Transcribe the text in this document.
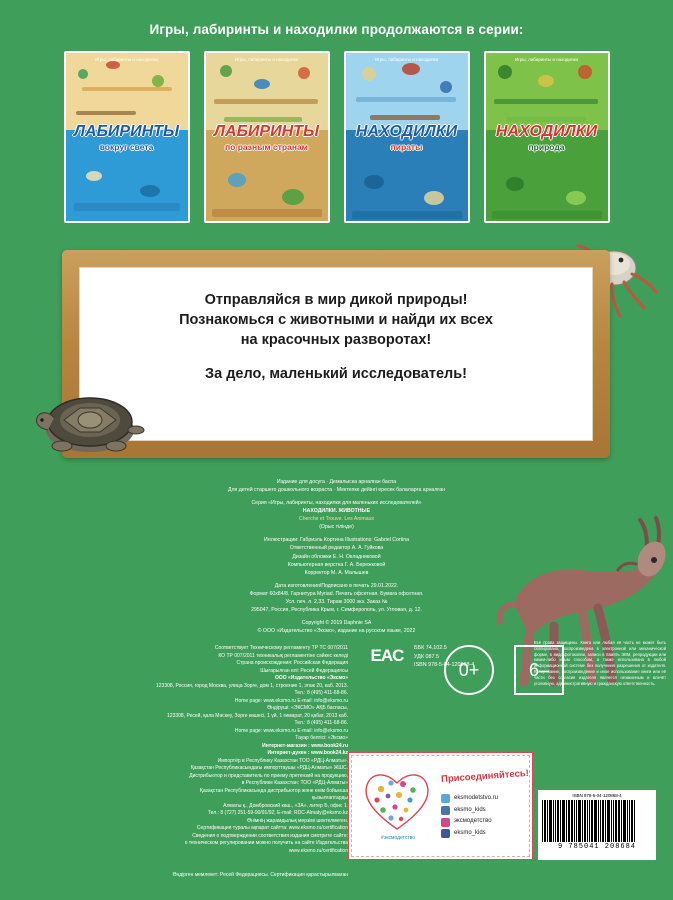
Игры, лабиринты и находилки продолжаются в серии:
Игры, лабиринты и находилки
ЛАБИРИНТЫ
вокруг света
Игры, лабиринты и находилки
ЛАБИРИНТЫ
по разным странам
Игры, лабиринты и находилки
НАХОДИЛКИ
пираты
Игры, лабиринты и находилки
НАХОДИЛКИ
природа

Отправляйся в мир дикой природы!

Познакомься с животными и найди их всех

на красочных разворотах!

За дело, маленький исследователь!

Издание для досуга · Демалыска арналған баспа
Для детей старшего дошкольного возраста · Мектепке дейінгі ересек балаларға арналған
Серия «Игры, лабиринты, находилки для маленьких исследователей»
НАХОДИЛКИ. ЖИВОТНЫЕ
Cherche et Trouve. Les Animaux
(Орыс тілінде)
Иллюстрации: Габриэль Кортина Illustrations: Gabriel Cortina
Ответственный редактор А. А. Гуйкова
Дизайн обложки Е. Н. Окладниковой
Компьютерная верстка Г. А. Бережковой
Корректор М. А. Малышев
Дата изготовления/Подписано в печать 29.01.2022.
Формат 60х84/8. Гарнитура Myriad. Печать офсетная. Бумага офсетная.
Усл. печ. л. 2,33. Тираж 3000 экз. Заказ №
295047, Россия, Республика Крым, г. Симферополь, ул. Угловая, д. 12.
Copyright © 2019 Daphnie SA
© ООО «Издательство «Эксмо», издание на русском языке, 2022
Соответствует Техническому регламенту ТР ТС 007/2011
КО ТР 007/2011 техникалық регламентіне сәйкес келеді
Страна происхождения: Российская Федерация
Шығарылған елі: Ресей Федерациясы
ООО «Издательство «Эксмо»
123308, Россия, город Москва, улица Зорге, дом 1, строение 1, этаж 20, каб. 2013.
Тел.: 8 (495) 411-68-86.
Home page: www.eksmo.ru E-mail: info@eksmo.ru
Өндіруші: «ЭКСМО» АҚБ баспасы,
123308, Ресей, қала Мәскеу, Зорге көшесі, 1 үй, 1 ғимарат, 20 қабат, 2013 каб.
Тел.: 8 (495) 411-68-86.
Home page: www.eksmo.ru E-mail: info@eksmo.ru
Тауар белгісі: «Эксмо»
Интернет-магазин : www.book24.ru
Интернет-дүкен : www.book24.kz
Импортёр в Республику Казахстан ТОО «РДЦ-Алматы».
Қазақстан Республикасындағы импорттаушы «РДЦ-Алматы» ЖШС.
Дистрибьютор и представитель по приему претензий на продукцию,
в Республике Казахстан: ТОО «РДЦ-Алматы»
Қазақстан Республикасында дистрибьютор және өнім бойынша
қызылғаптарды
Алматы қ., Домбровский көш., «ЗА», литер Б, офис 1.
Тел.: 8 (727) 251-59-90/91/92; E-mail: RDC-Almaty@eksmo.kz
Өнімнің жарамдылық мерзімі шектелмеген.
Сертификация туралы ақпарат сайтта: www.eksmo.ru/certification
Сведения о подтверждении соответствия издания смотрите сайте:
о техническом регулировании можно получить на сайте Издательства
www.eksmo.ru/certification
Өндірген мемлекет: Ресей Федерациясы. Сертификация қарастырылмаған
EAC	ББК 74.102.5
УДК 087.5
ISBN 978-5-04-120868-4
Все права защищены. Книга или любая её часть не может быть скопирована, воспроизведена в электронной или механической форме, в виде фотокопии, записи в память ЭВМ, репродукции или каким-либо иным способом, а также использована в любой информационной системе без получения разрешения от издателя. Копирование, воспроизведение и иное использование книги или её части без согласия издателя является незаконным и влечёт уголовную, административную и гражданскую ответственность.
0+	6–
#эксмодетство
Присоединяйтесь!
eksmodetstvo.ru
eksmo_kids
эксмодетство
eksmo_kids
ISBN 978-5-04-120868-4
9 785041 208684
